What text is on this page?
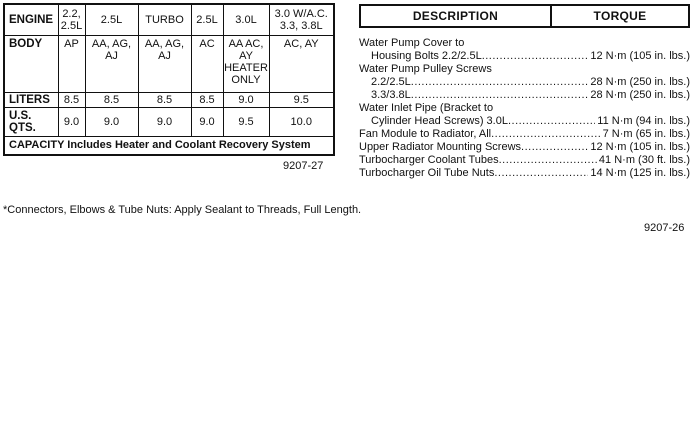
ENGINE	2.2, 2.5L	2.5L	TURBO	2.5L	3.0L	3.0 W/A.C. 3.3, 3.8L
BODY	AP	AA, AG, AJ	AA, AG, AJ	AC	AA AC, AY HEATER ONLY	AC, AY
LITERS	8.5	8.5	8.5	8.5	9.0	9.5
U.S. QTS.	9.0	9.0	9.0	9.0	9.5	10.0
CAPACITY Includes Heater and Coolant Recovery System						
9207-27
*Connectors, Elbows & Tube Nuts: Apply Sealant to Threads, Full Length.
DESCRIPTION	TORQUE
Water Pump Cover to
Housing Bolts 2.2/2.5L .....	12 N·m (105 in. lbs.)
Water Pump Pulley Screws
2.2/2.5L .....	28 N·m (250 in. lbs.)
3.3/3.8L .....	28 N·m (250 in. lbs.)
Water Inlet Pipe (Bracket to
Cylinder Head Screws) 3.0L .....	11 N·m (94 in. lbs.)
Fan Module to Radiator, All .....	7 N·m (65 in. lbs.)
Upper Radiator Mounting Screws .....	12 N·m (105 in. lbs.)
Turbocharger Coolant Tubes .....	41 N·m (30 ft. lbs.)
Turbocharger Oil Tube Nuts .....	14 N·m (125 in. lbs.)
9207-26
